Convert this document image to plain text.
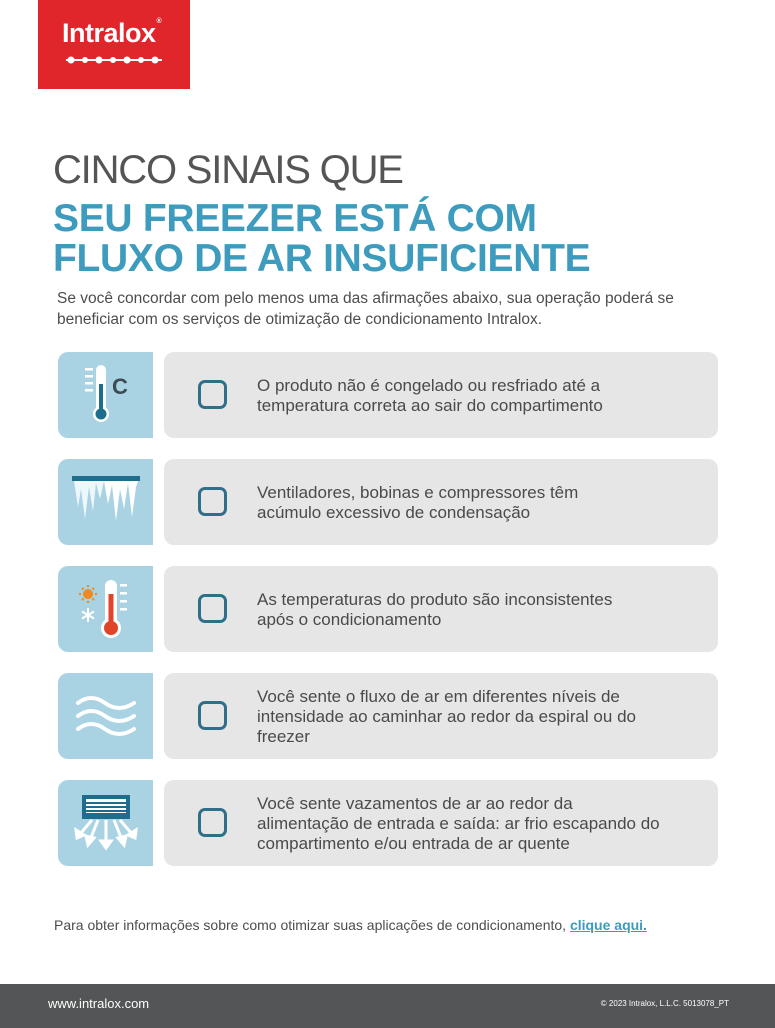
Intralox®
CINCO SINAIS QUE
SEU FREEZER ESTÁ COM
FLUXO DE AR INSUFICIENTE

Se você concordar com pelo menos uma das afirmações abaixo, sua operação poderá se
beneficiar com os serviços de otimização de condicionamento Intralox.

C	O produto não é congelado ou resfriado até a
temperatura correta ao sair do compartimento
Ventiladores, bobinas e compressores têm
acúmulo excessivo de condensação
As temperaturas do produto são inconsistentes
após o condicionamento
Você sente o fluxo de ar em diferentes níveis de
intensidade ao caminhar ao redor da espiral ou do
freezer
Você sente vazamentos de ar ao redor da
alimentação de entrada e saída: ar frio escapando do
compartimento e/ou entrada de ar quente

Para obter informações sobre como otimizar suas aplicações de condicionamento, clique aqui.

www.intralox.com	© 2023 Intralox, L.L.C. 5013078_PT
